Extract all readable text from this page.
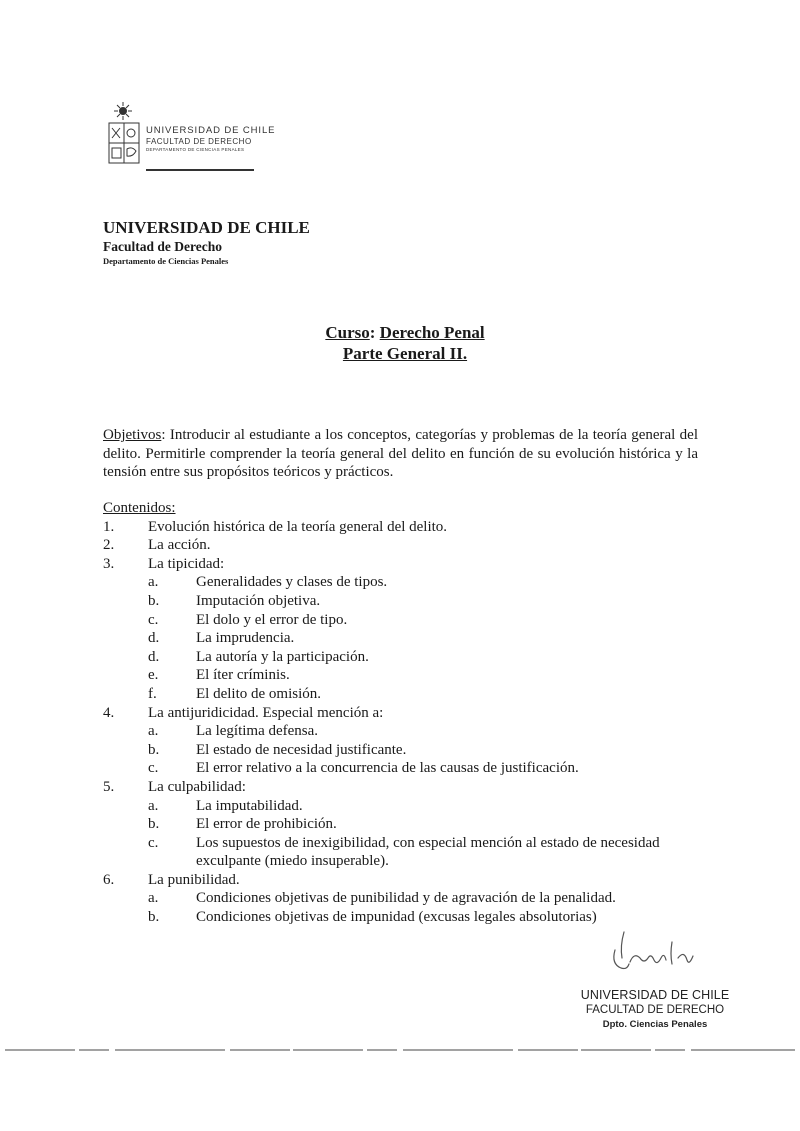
UNIVERSIDAD DE CHILE
FACULTAD DE DERECHO
DEPARTAMENTO DE CIENCIAS PENALES
UNIVERSIDAD DE CHILE
Facultad de Derecho
Departamento de Ciencias Penales
Curso: Derecho Penal
Parte General II.
Objetivos: Introducir al estudiante a los conceptos, categorías y problemas de la teoría general del delito. Permitirle comprender la teoría general del delito en función de su evolución histórica y la tensión entre sus propósitos teóricos y prácticos.
Contenidos:
1.	Evolución histórica de la teoría general del delito.
2.	La acción.
3.	La tipicidad:
a.	Generalidades y clases de tipos.
b.	Imputación objetiva.
c.	El dolo y el error de tipo.
d.	La imprudencia.
d.	La autoría y la participación.
e.	El íter críminis.
f.	El delito de omisión.
4.	La antijuridicidad. Especial mención a:
a.	La legítima defensa.
b.	El estado de necesidad justificante.
c.	El error relativo a la concurrencia de las causas de justificación.
5.	La culpabilidad:
a.	La imputabilidad.
b.	El error de prohibición.
c.	Los supuestos de inexigibilidad, con especial mención al estado de necesidad exculpante (miedo insuperable).
6.	La punibilidad.
a.	Condiciones objetivas de punibilidad y de agravación de la penalidad.
b.	Condiciones objetivas de impunidad (excusas legales absolutorias)
UNIVERSIDAD DE CHILE
FACULTAD DE DERECHO
Dpto. Ciencias Penales
